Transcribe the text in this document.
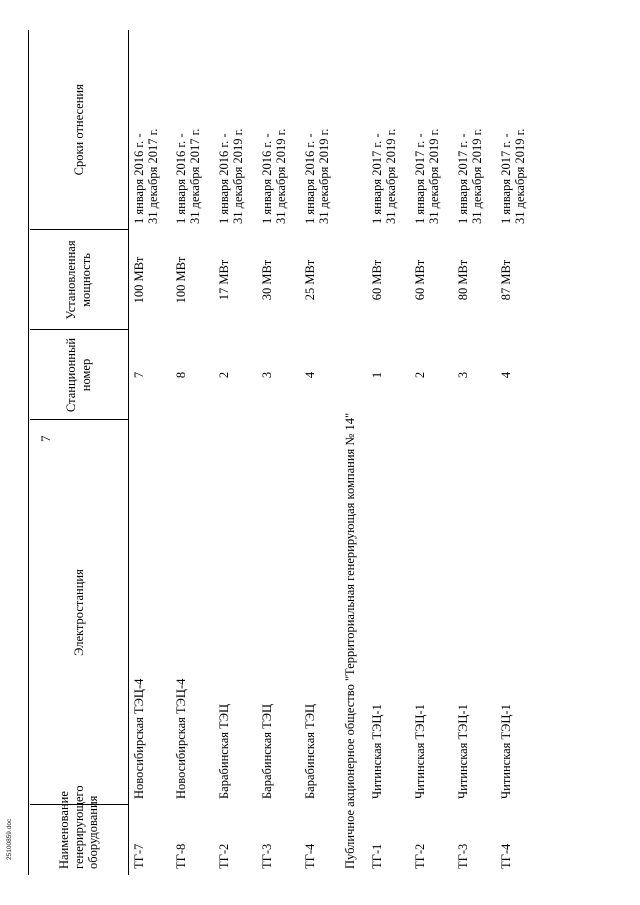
Наименование генерирующего оборудования	Электростанция	Станционный номер	Установленная мощность	Сроки отнесения
ТГ-7	Новосибирская ТЭЦ-4	7	100 МВт	1 января 2016 г. - 31 декабря 2017 г.

ТГ-8	Новосибирская ТЭЦ-4	8	100 МВт	1 января 2016 г. - 31 декабря 2017 г.

ТГ-2	Барабинская ТЭЦ	2	17 МВт	1 января 2016 г. - 31 декабря 2019 г.

ТГ-3	Барабинская ТЭЦ	3	30 МВт	1 января 2016 г. - 31 декабря 2019 г.

ТГ-4	Барабинская ТЭЦ	4	25 МВт	1 января 2016 г. - 31 декабря 2019 г.

Публичное акционерное общество "Территориальная генерирующая компания № 14"				
ТГ-1	Читинская ТЭЦ-1	1	60 МВт	1 января 2017 г. - 31 декабря 2019 г.

ТГ-2	Читинская ТЭЦ-1	2	60 МВт	1 января 2017 г. - 31 декабря 2019 г.

ТГ-3	Читинская ТЭЦ-1	3	80 МВт	1 января 2017 г. - 31 декабря 2019 г.

ТГ-4	Читинская ТЭЦ-1	4	87 МВт	1 января 2017 г. - 31 декабря 2019 г.
7
25100859.doc
